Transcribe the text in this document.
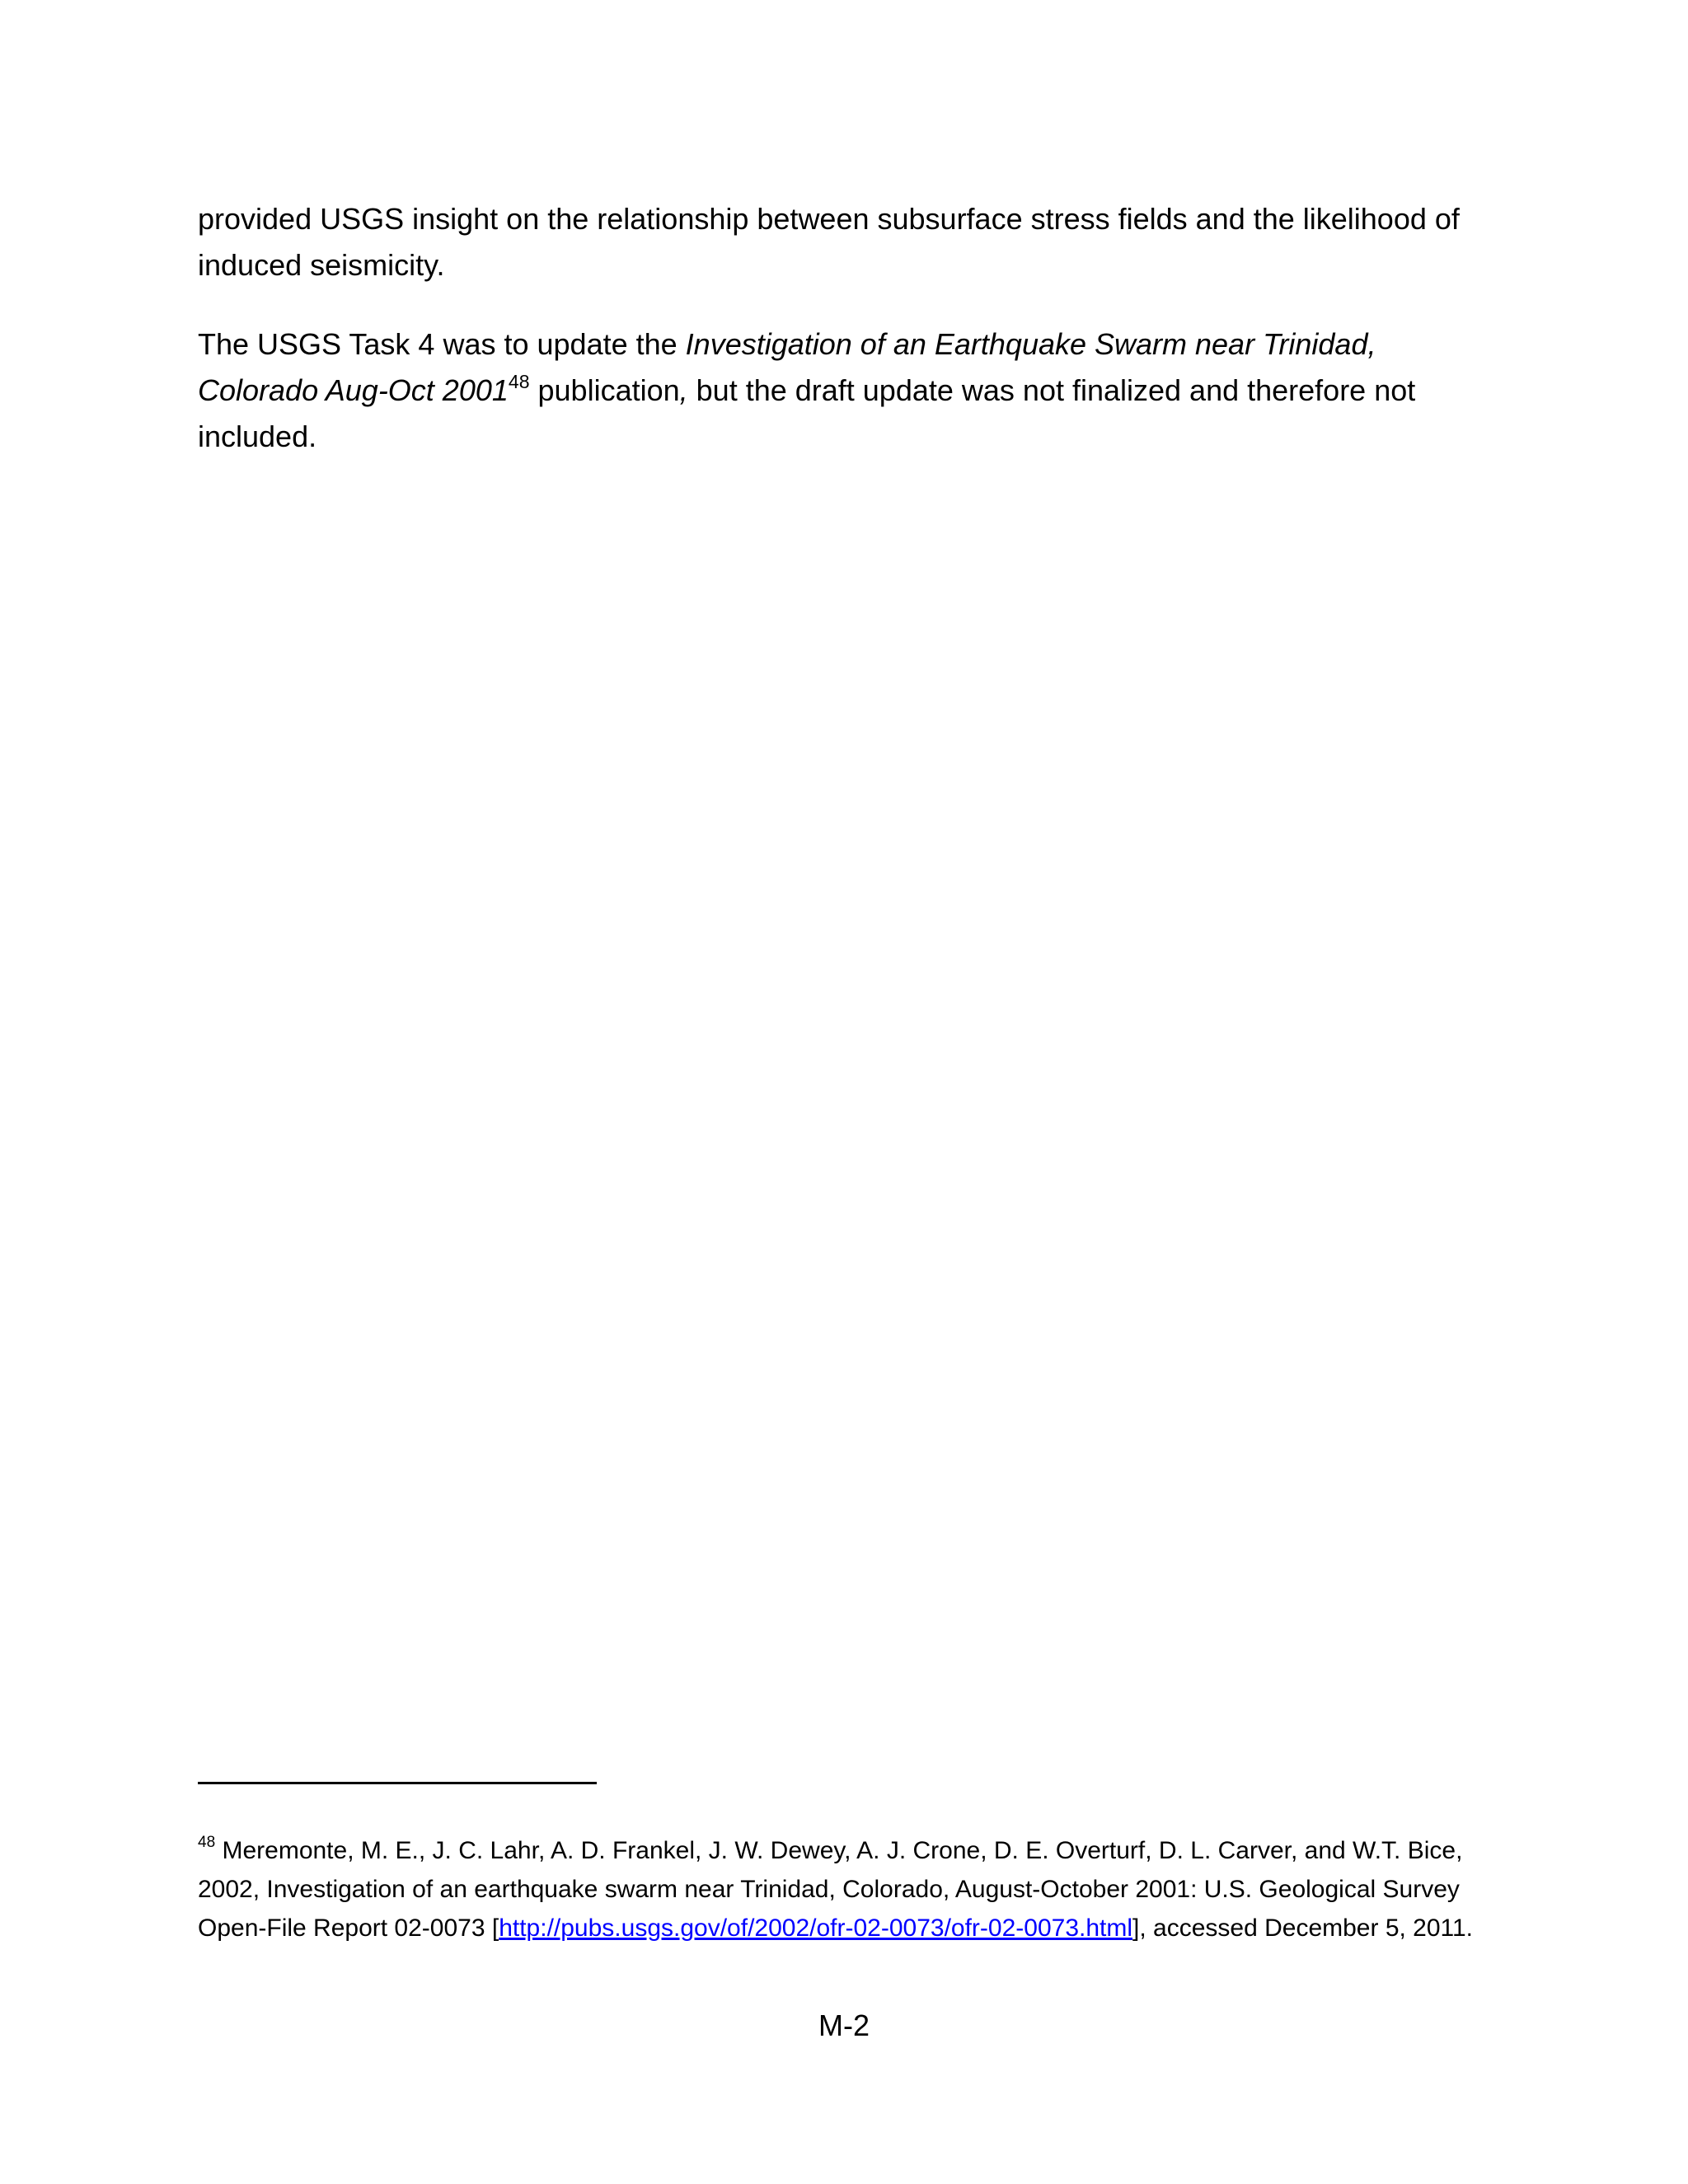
provided USGS insight on the relationship between subsurface stress fields and the likelihood of induced seismicity.

The USGS Task 4 was to update the Investigation of an Earthquake Swarm near Trinidad, Colorado Aug-Oct 2001$^{48}$ publication, but the draft update was not finalized and therefore not included.

$^{48}$ Meremonte, M. E., J. C. Lahr, A. D. Frankel, J. W. Dewey, A. J. Crone, D. E. Overturf, D. L. Carver, and W.T. Bice, 2002, Investigation of an earthquake swarm near Trinidad, Colorado, August-October 2001: U.S. Geological Survey Open-File Report 02-0073 [http://pubs.usgs.gov/of/2002/ofr-02-0073/ofr-02-0073.html], accessed December 5, 2011.

M-2
